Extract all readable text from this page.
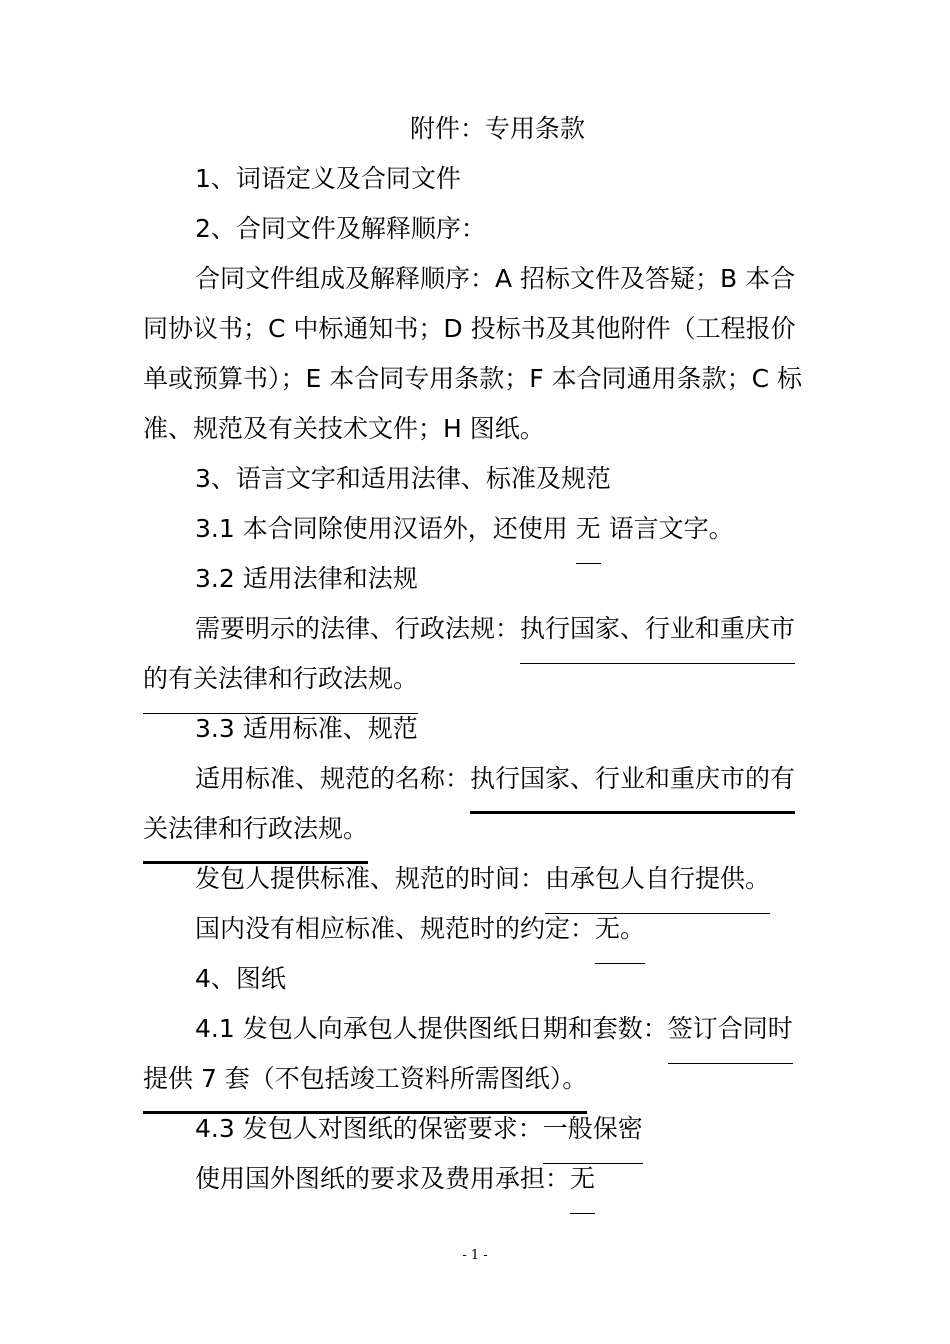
附件：专用条款
1、词语定义及合同文件
2、合同文件及解释顺序：
合同文件组成及解释顺序：A 招标文件及答疑；B 本合
同协议书；C 中标通知书；D 投标书及其他附件（工程报价
单或预算书）；E 本合同专用条款；F 本合同通用条款；C 标
准、规范及有关技术文件；H 图纸。
3、语言文字和适用法律、标准及规范
3.1 本合同除使用汉语外，还使用 无 语言文字。
3.2 适用法律和法规
需要明示的法律、行政法规：执行国家、行业和重庆市
的有关法律和行政法规。
3.3 适用标准、规范
适用标准、规范的名称：执行国家、行业和重庆市的有
关法律和行政法规。
发包人提供标准、规范的时间：由承包人自行提供。
国内没有相应标准、规范时的约定：无。
4、图纸
4.1 发包人向承包人提供图纸日期和套数：签订合同时
提供 7 套（不包括竣工资料所需图纸）。
4.3 发包人对图纸的保密要求：一般保密
使用国外图纸的要求及费用承担：无
- 1 -
